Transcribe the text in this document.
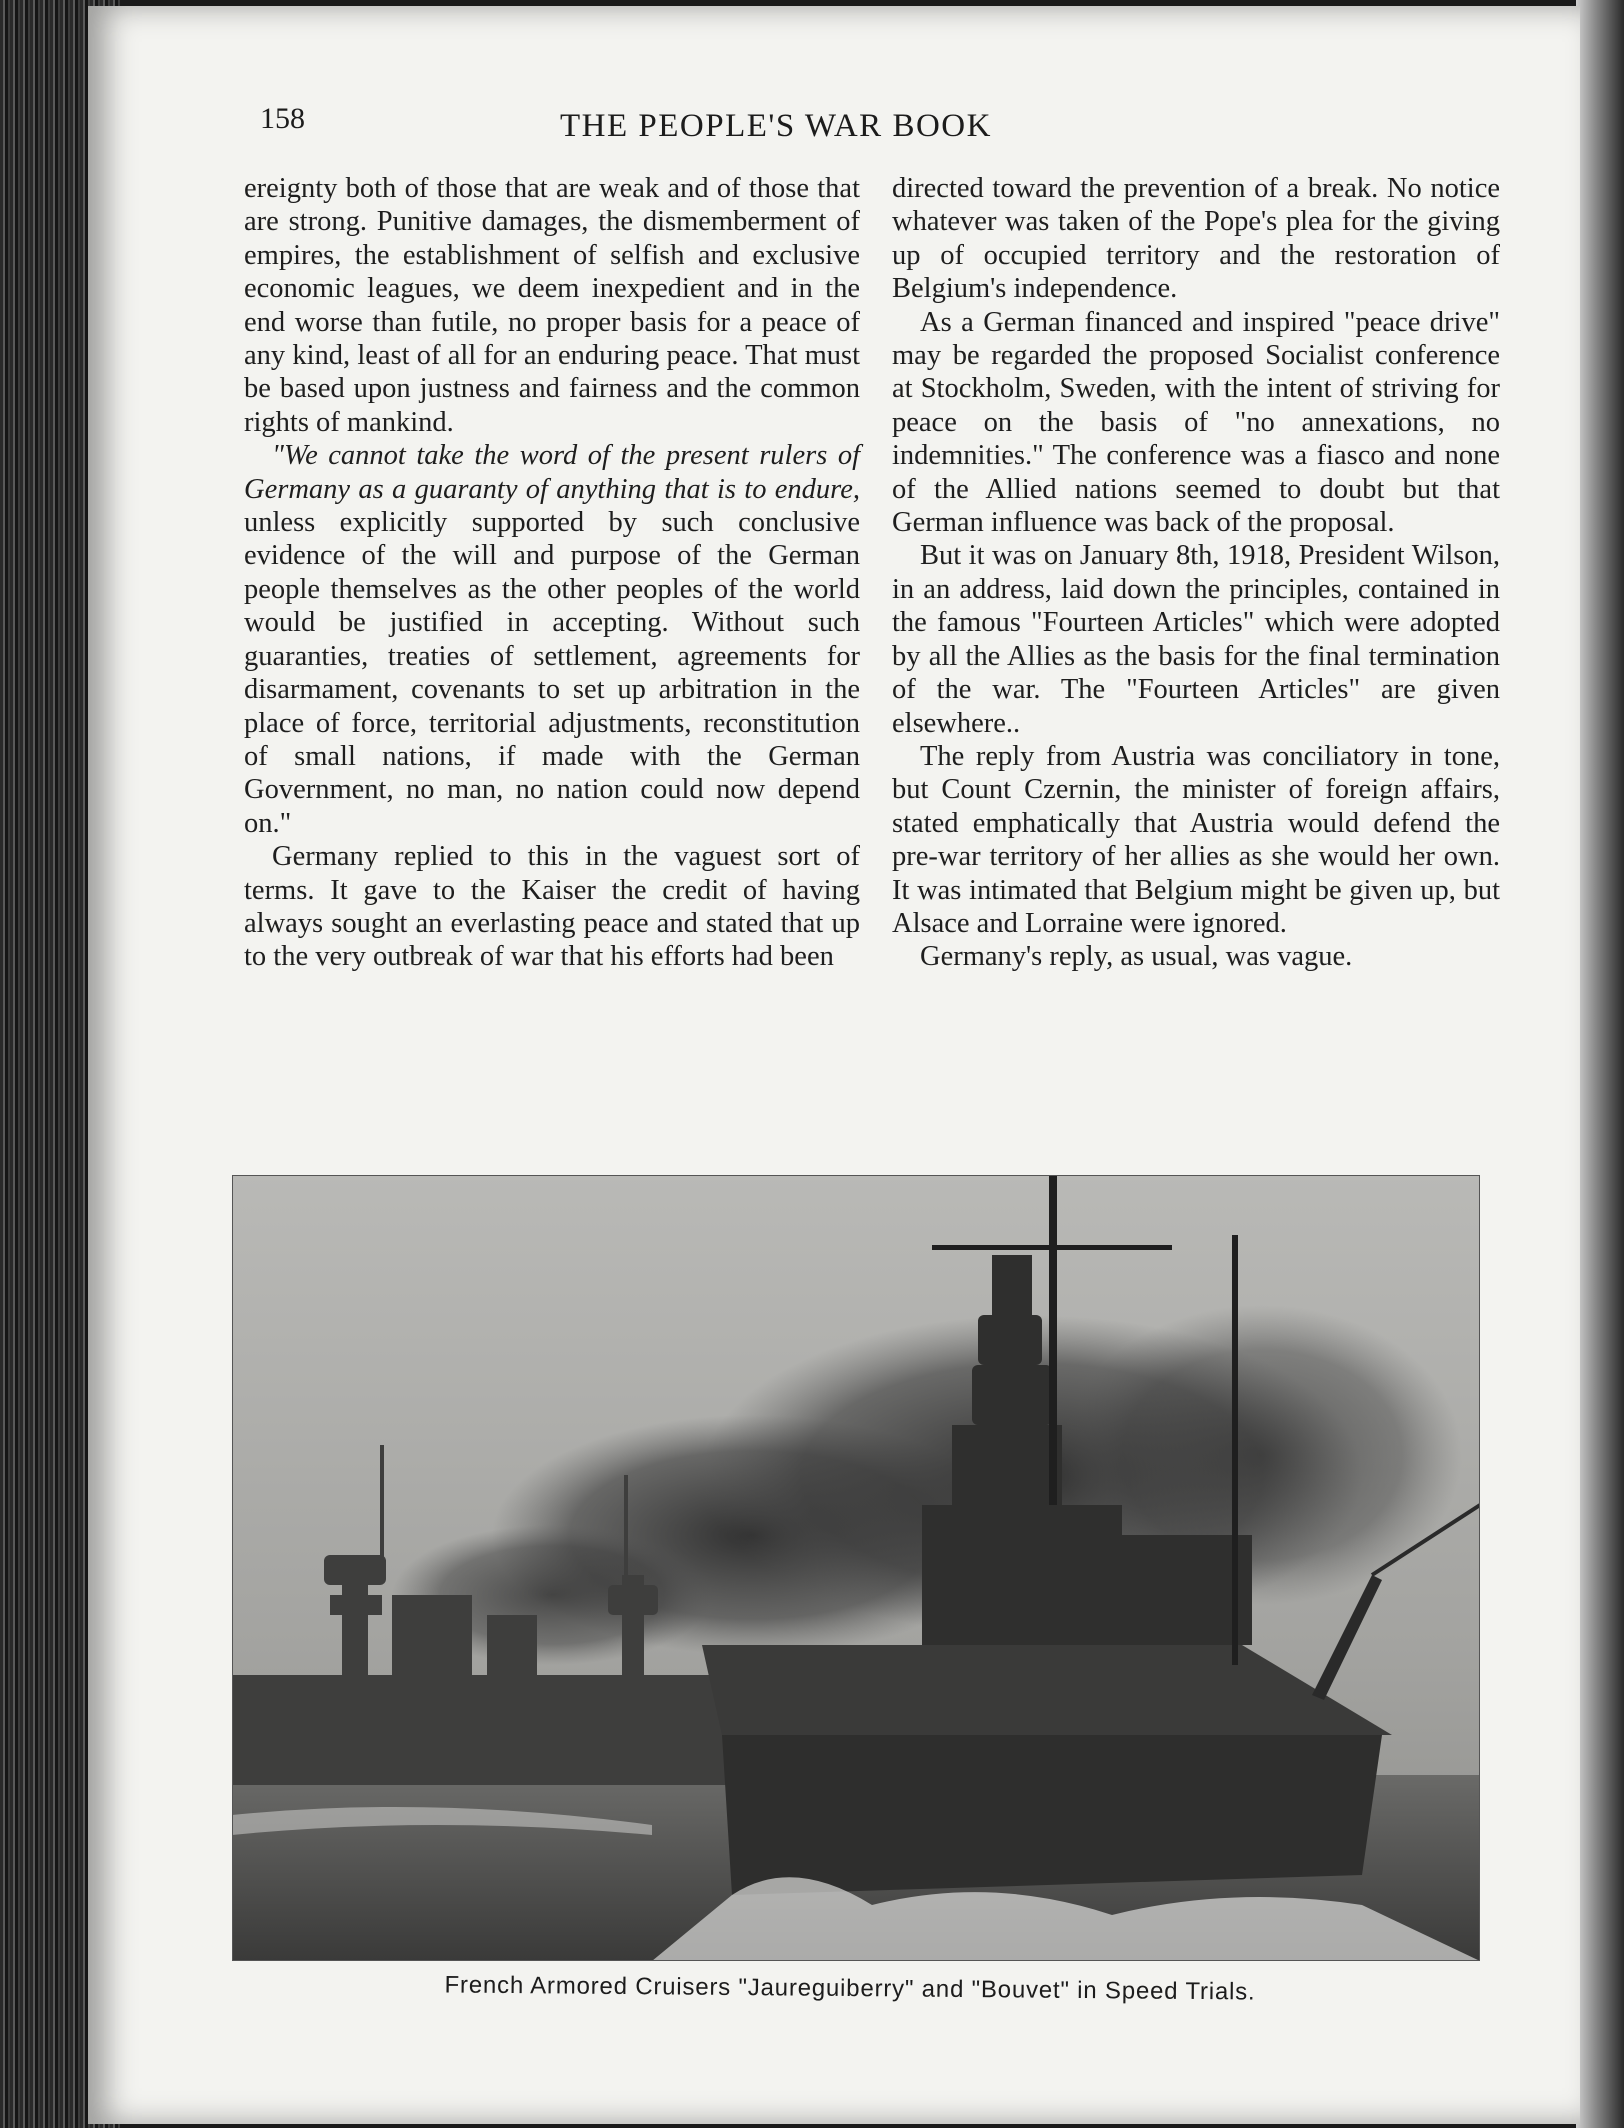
158	THE PEOPLE'S WAR BOOK

ereignty both of those that are weak and of those that are strong. Punitive damages, the dismemberment of empires, the establishment of selfish and exclusive economic leagues, we deem inexpedient and in the end worse than futile, no proper basis for a peace of any kind, least of all for an enduring peace. That must be based upon justness and fairness and the common rights of mankind.

"We cannot take the word of the present rulers of Germany as a guaranty of anything that is to endure, unless explicitly supported by such conclusive evidence of the will and purpose of the German people themselves as the other peoples of the world would be justified in accepting. Without such guaranties, treaties of settlement, agreements for disarmament, covenants to set up arbitration in the place of force, territorial adjustments, reconstitution of small nations, if made with the German Government, no man, no nation could now depend on."

Germany replied to this in the vaguest sort of terms. It gave to the Kaiser the credit of having always sought an everlasting peace and stated that up to the very outbreak of war that his efforts had been

directed toward the prevention of a break. No notice whatever was taken of the Pope's plea for the giving up of occupied territory and the restoration of Belgium's independence.

As a German financed and inspired "peace drive" may be regarded the proposed Socialist conference at Stockholm, Sweden, with the intent of striving for peace on the basis of "no annexations, no indemnities." The conference was a fiasco and none of the Allied nations seemed to doubt but that German influence was back of the proposal.

But it was on January 8th, 1918, President Wilson, in an address, laid down the principles, contained in the famous "Fourteen Articles" which were adopted by all the Allies as the basis for the final termination of the war. The "Fourteen Articles" are given elsewhere..

The reply from Austria was conciliatory in tone, but Count Czernin, the minister of foreign affairs, stated emphatically that Austria would defend the pre-war territory of her allies as she would her own. It was intimated that Belgium might be given up, but Alsace and Lorraine were ignored.

Germany's reply, as usual, was vague.

French Armored Cruisers "Jaureguiberry" and "Bouvet" in Speed Trials.
